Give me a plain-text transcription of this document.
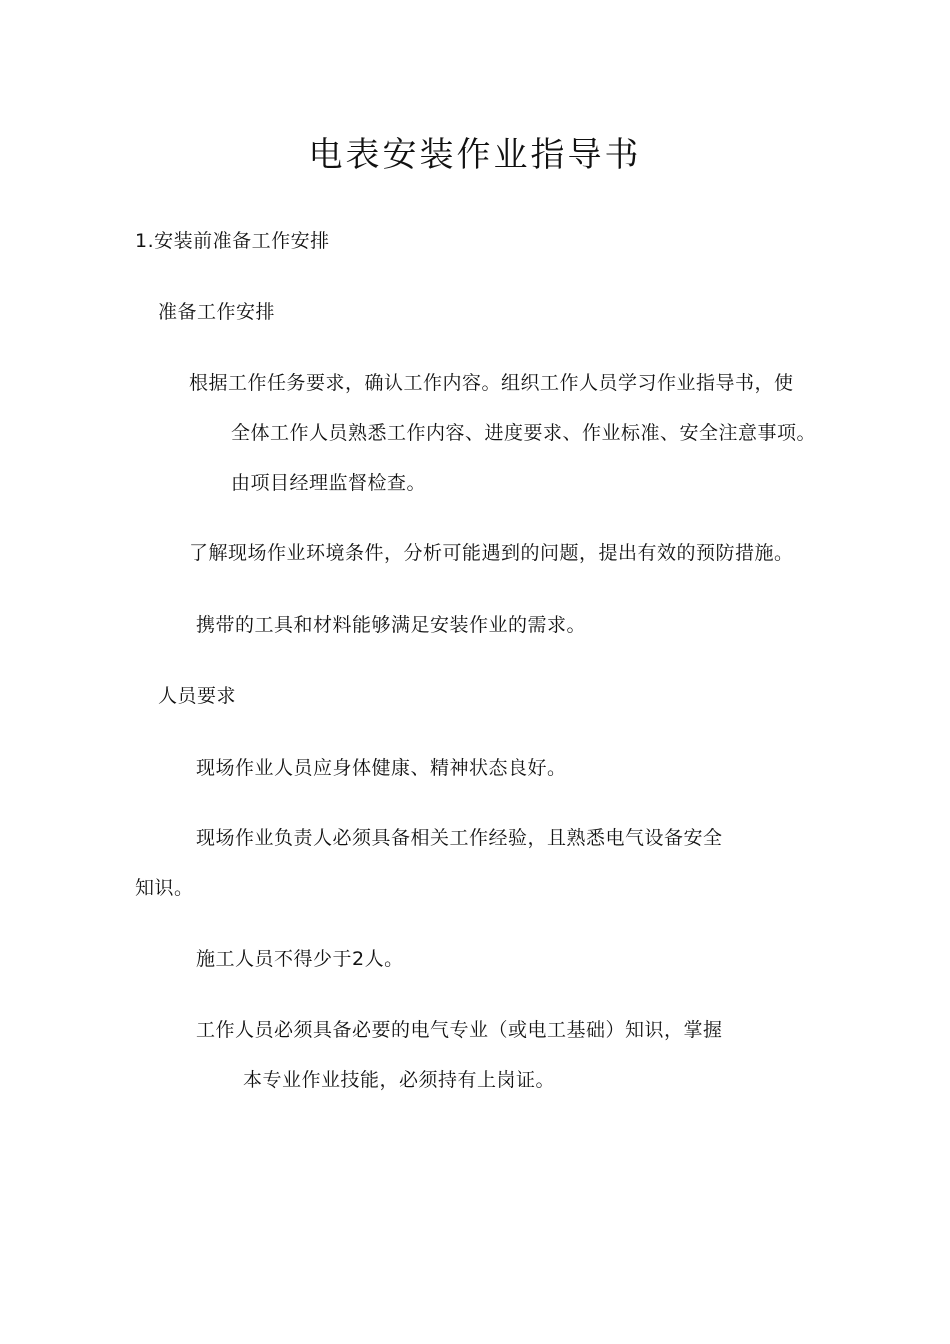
电表安装作业指导书
1.安装前准备工作安排
准备工作安排
根据工作任务要求，确认工作内容。组织工作人员学习作业指导书，使
全体工作人员熟悉工作内容、进度要求、作业标准、安全注意事项。
由项目经理监督检查。
了解现场作业环境条件，分析可能遇到的问题，提出有效的预防措施。
携带的工具和材料能够满足安装作业的需求。
人员要求
现场作业人员应身体健康、精神状态良好。
现场作业负责人必须具备相关工作经验，且熟悉电气设备安全
知识。
施工人员不得少于2人。
工作人员必须具备必要的电气专业（或电工基础）知识，掌握
本专业作业技能，必须持有上岗证。
